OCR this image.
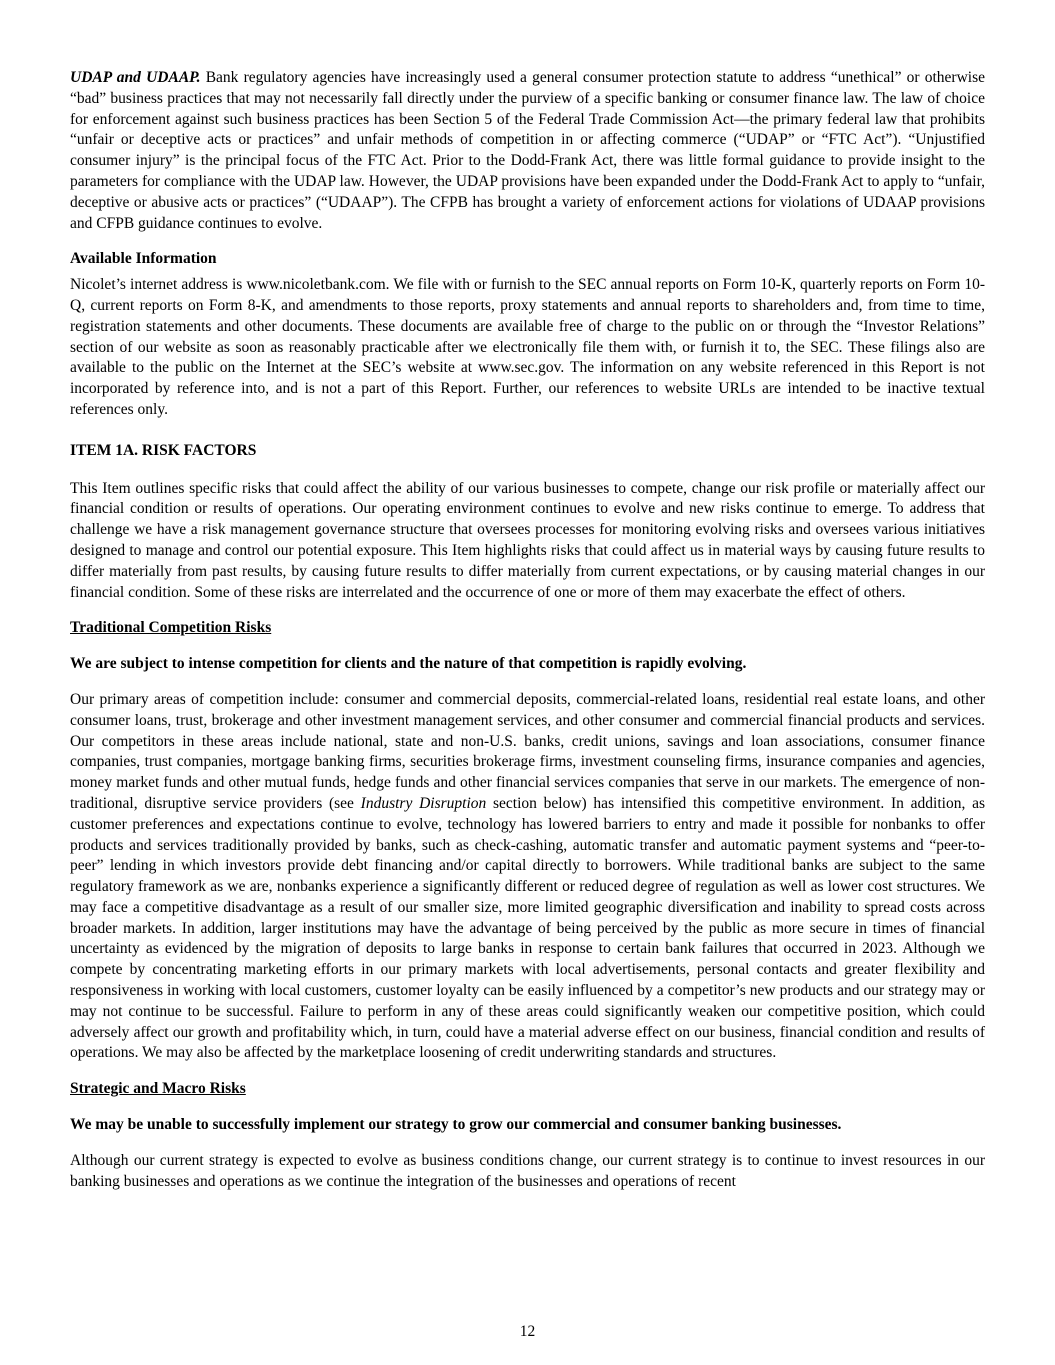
UDAP and UDAAP. Bank regulatory agencies have increasingly used a general consumer protection statute to address “unethical” or otherwise “bad” business practices that may not necessarily fall directly under the purview of a specific banking or consumer finance law. The law of choice for enforcement against such business practices has been Section 5 of the Federal Trade Commission Act—the primary federal law that prohibits “unfair or deceptive acts or practices” and unfair methods of competition in or affecting commerce (“UDAP” or “FTC Act”). “Unjustified consumer injury” is the principal focus of the FTC Act. Prior to the Dodd-Frank Act, there was little formal guidance to provide insight to the parameters for compliance with the UDAP law. However, the UDAP provisions have been expanded under the Dodd-Frank Act to apply to “unfair, deceptive or abusive acts or practices” (“UDAAP”). The CFPB has brought a variety of enforcement actions for violations of UDAAP provisions and CFPB guidance continues to evolve.

Available Information

Nicolet’s internet address is www.nicoletbank.com. We file with or furnish to the SEC annual reports on Form 10-K, quarterly reports on Form 10-Q, current reports on Form 8-K, and amendments to those reports, proxy statements and annual reports to shareholders and, from time to time, registration statements and other documents. These documents are available free of charge to the public on or through the “Investor Relations” section of our website as soon as reasonably practicable after we electronically file them with, or furnish it to, the SEC. These filings also are available to the public on the Internet at the SEC’s website at www.sec.gov. The information on any website referenced in this Report is not incorporated by reference into, and is not a part of this Report. Further, our references to website URLs are intended to be inactive textual references only.

ITEM 1A. RISK FACTORS

This Item outlines specific risks that could affect the ability of our various businesses to compete, change our risk profile or materially affect our financial condition or results of operations. Our operating environment continues to evolve and new risks continue to emerge. To address that challenge we have a risk management governance structure that oversees processes for monitoring evolving risks and oversees various initiatives designed to manage and control our potential exposure. This Item highlights risks that could affect us in material ways by causing future results to differ materially from past results, by causing future results to differ materially from current expectations, or by causing material changes in our financial condition. Some of these risks are interrelated and the occurrence of one or more of them may exacerbate the effect of others.

Traditional Competition Risks

We are subject to intense competition for clients and the nature of that competition is rapidly evolving.

Our primary areas of competition include: consumer and commercial deposits, commercial-related loans, residential real estate loans, and other consumer loans, trust, brokerage and other investment management services, and other consumer and commercial financial products and services. Our competitors in these areas include national, state and non-U.S. banks, credit unions, savings and loan associations, consumer finance companies, trust companies, mortgage banking firms, securities brokerage firms, investment counseling firms, insurance companies and agencies, money market funds and other mutual funds, hedge funds and other financial services companies that serve in our markets. The emergence of non-traditional, disruptive service providers (see Industry Disruption section below) has intensified this competitive environment. In addition, as customer preferences and expectations continue to evolve, technology has lowered barriers to entry and made it possible for nonbanks to offer products and services traditionally provided by banks, such as check-cashing, automatic transfer and automatic payment systems and “peer-to-peer” lending in which investors provide debt financing and/or capital directly to borrowers. While traditional banks are subject to the same regulatory framework as we are, nonbanks experience a significantly different or reduced degree of regulation as well as lower cost structures. We may face a competitive disadvantage as a result of our smaller size, more limited geographic diversification and inability to spread costs across broader markets. In addition, larger institutions may have the advantage of being perceived by the public as more secure in times of financial uncertainty as evidenced by the migration of deposits to large banks in response to certain bank failures that occurred in 2023. Although we compete by concentrating marketing efforts in our primary markets with local advertisements, personal contacts and greater flexibility and responsiveness in working with local customers, customer loyalty can be easily influenced by a competitor’s new products and our strategy may or may not continue to be successful. Failure to perform in any of these areas could significantly weaken our competitive position, which could adversely affect our growth and profitability which, in turn, could have a material adverse effect on our business, financial condition and results of operations. We may also be affected by the marketplace loosening of credit underwriting standards and structures.

Strategic and Macro Risks

We may be unable to successfully implement our strategy to grow our commercial and consumer banking businesses.

Although our current strategy is expected to evolve as business conditions change, our current strategy is to continue to invest resources in our banking businesses and operations as we continue the integration of the businesses and operations of recent

12
